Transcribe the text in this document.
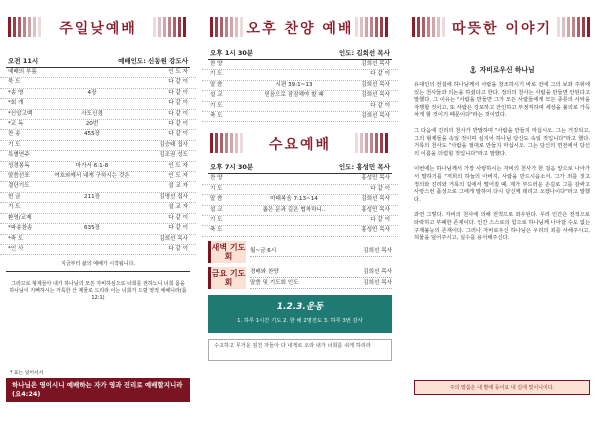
주일낮예배
오전 11시	예배인도: 신동원 강도사
예배의 부름	인 도 자
묵 도	다 같 이
*송 영	4장	다 같 이
*회 개	다 같 이
*신앙고백	사도신경	다 같 이
*교 독	20번	다 같 이
찬 송	455장	다 같 이
기 도	김승태 집사
특별연주	김조권 성도
성경봉독	마가서 6:1-8	인 도 자
말씀선포	여호와께서 네게 구하시는 것은	인 도 자
결단기도	설 교 자
헌 금	211장	김명선 집사
기 도	설 교 자
환영/교제	다 같 이
*파송찬송	635장	다 같 이
*축 도	김희선 목사
*인 사	다 같 이
지금부터 삶의 예배가 시작됩니다.
그러므로 형제들아 내가 하나님의 모든 자비하심으로 너희를 권하노니 너희 몸을 하나님이 기뻐하시는 거룩한 산 제물로 드리라 이는 너희가 드릴 영적 예배니라(롬 12:1)
* 표는 일어서서
하나님은 영이시니 예배하는 자가 영과 진리로 예배할지니라 (요4:24)
오후 찬양 예배
오후 1시 30분	인도: 김희선 목사
찬 양	김희선 목사
기 도	다 같 이
말 씀	시편 39:1~13	김희선 목사
설 교	믿음으로 잠잠해야 할 때	김희선 목사
기 도	다 같 이
축 도	김희선 목사
수요예배
오후 7시 30분	인도: 홍성민 목사
찬 양	홍성민 목사
기 도	다 같 이
말 씀	마태복음 7:13~14	김희선 목사
설 교	좁은 문과 길은 협착하니..	홍성민 목사
기 도	다 같 이
축 도	홍성민 목사
새벽 기도회
월~금 6시	김희선 목사
금요 기도회
경배와 찬양	김희선 목사
말씀 및 기도회 인도	김희선 목사
1.2.3.운동
1. 하루 1시간 기도 2. 한 해 2명전도 3. 하루 3번 감사
수고하고 무거운 짐진 자들아 다 내게로 오라 내가 너희를 쉬게 하리라
따뜻한 이야기
자비로우신 하나님
유대인의 전설에 하나님께서 사람을 창조하시기 바로 전에 그의 보좌 주위에 있는 천사들과 의논을 하셨다고 한다. 정의의 천사는 사람을 만들면 안된다고 말했다. 그 이유는 "사람을 만들면 그가 모든 사람들에게 모든 종류의 사악을 자행할 것이고, 또 사람은 강포하고 잔인하고 부정직하며 세상을 불의로 가득 차게 할 것이기 때문이다"라는 것이었다.
그 다음에 진리의 천사가 반발하며 "사람을 만들지 마십시오. 그는 거짓되고, 그의 형제들을 속일 것이며 심지어 하나님 당신도 속일 것입니다"라고 했다. 거룩의 천사도 "사람을 절대로 만들지 마십시오. 그는 당신의 면전에서 당신의 이름을 더럽힐 것입니다"라고 말했다.
이번에는 하나님께서 가장 사랑하시는 자비의 천사가 한 걸음 앞으로 나아가서 말하기를 "저희의 하늘의 아버지, 사람을 만드시옵소서. 그가 죄를 짓고 정의와 진리와 거룩의 길에서 떨어질 때, 제가 부드러운 손길로 그를 감싸고 사랑스런 품성으로 그에게 말하여 다시 당신께 데리고 오겠나이다"라고 말했다.
과연 그렇다. 자비의 천사에 의해 전적으로 좌우된다. 우리 인간은 전적으로 타락하고 부패한 존재이다. 인간 스스로의 힘으로 하나님께 나아갈 수도 없는 구제불능의 존재이다. 그러나 자비로우신 하나님은 우리의 죄를 사해주시고, 허물을 덮어주시고, 실수를 용서해주신다.
주의 말씀은 내 발에 등이요 내 길에 빛이니이다.
